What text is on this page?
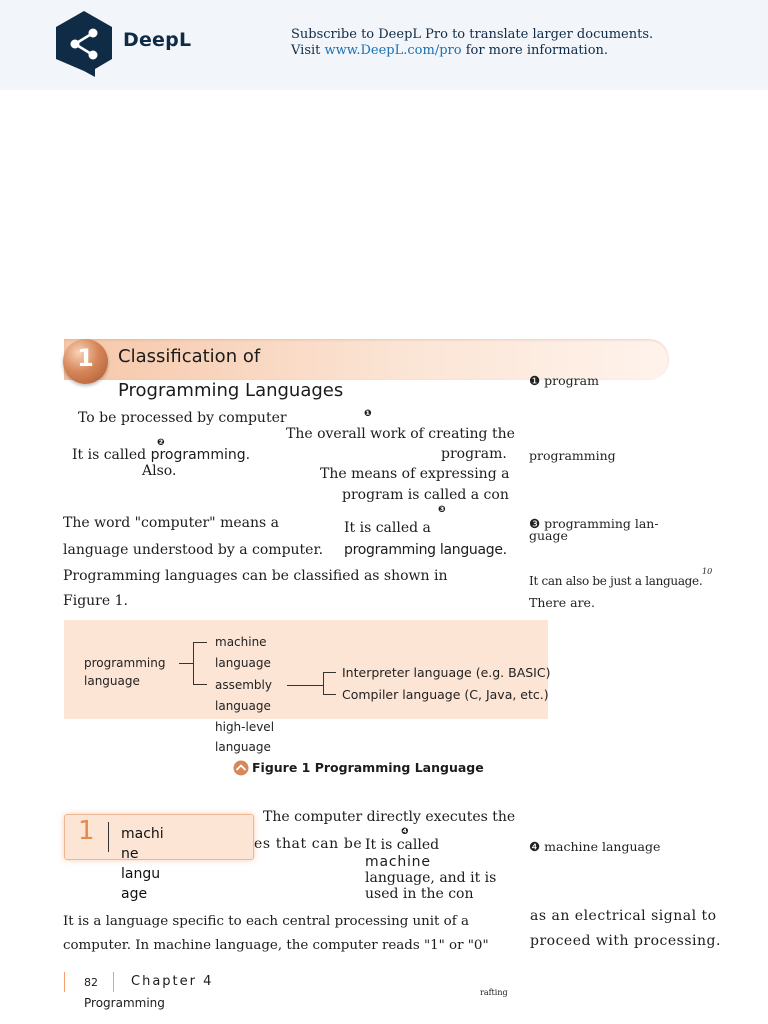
DeepL	Subscribe to DeepL Pro to translate larger documents.
Visit www.DeepL.com/pro for more information.
1	Classification of
Programming Languages	❶ program
programming
❸ programming lan-
guage
It can also be just a language.
10
There are.
❹ machine language
To be processed by computer	❶
The overall work of creating the
program.
❷
It is called programming.
Also.	The means of expressing a
program is called a con
❸
The word "computer" means a	It is called a
language understood by a computer. programming language.
Programming languages can be classified as shown in
Figure 1.
programming
language
machine
language
assembly
language
high-level
language
Interpreter language (e.g. BASIC)
Compiler language (C, Java, etc.)
Figure 1 Programming Language
1 machi
ne
langu
age
The computer directly executes the
es that can be
❹
It is called
machine
language, and it is
used in the con
It is a language specific to each central processing unit of a	as an electrical signal to
computer. In machine language, the computer reads "1" or "0"	proceed with processing.
82	Chapter 4
Programming
rafting
